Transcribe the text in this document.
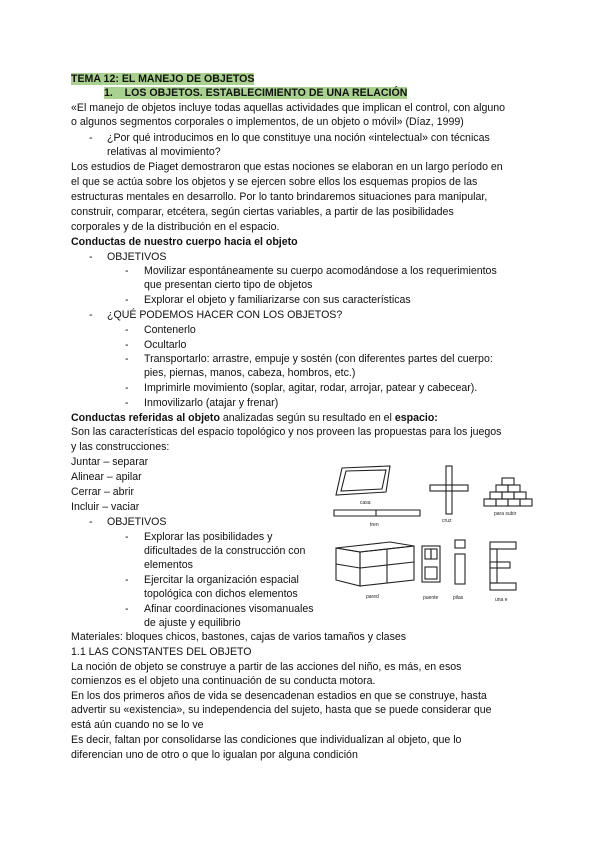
TEMA 12: EL MANEJO DE OBJETOS
1. LOS OBJETOS. ESTABLECIMIENTO DE UNA RELACIÓN
«El manejo de objetos incluye todas aquellas actividades que implican el control, con alguno
o algunos segmentos corporales o implementos, de un objeto o móvil» (Díaz, 1999)
- ¿Por qué introducimos en lo que constituye una noción «intelectual» con técnicas
relativas al movimiento?
Los estudios de Piaget demostraron que estas nociones se elaboran en un largo período en
el que se actúa sobre los objetos y se ejercen sobre ellos los esquemas propios de las
estructuras mentales en desarrollo. Por lo tanto brindaremos situaciones para manipular,
construir, comparar, etcétera, según ciertas variables, a partir de las posibilidades
corporales y de la distribución en el espacio.
Conductas de nuestro cuerpo hacia el objeto
- OBJETIVOS
- Movilizar espontáneamente su cuerpo acomodándose a los requerimientos
que presentan cierto tipo de objetos
- Explorar el objeto y familiarizarse con sus características
- ¿QUÉ PODEMOS HACER CON LOS OBJETOS?
- Contenerlo
- Ocultarlo
- Transportarlo: arrastre, empuje y sostén (con diferentes partes del cuerpo:
pies, piernas, manos, cabeza, hombros, etc.)
- Imprimirle movimiento (soplar, agitar, rodar, arrojar, patear y cabecear).
- Inmovilizarlo (atajar y frenar)
Conductas referidas al objeto analizadas según su resultado en el espacio:
Son las características del espacio topológico y nos proveen las propuestas para los juegos
y las construcciones:
Juntar – separar
Alinear – apilar
Cerrar – abrir
Incluir – vaciar
- OBJETIVOS
- Explorar las posibilidades y
dificultades de la construcción con
elementos
- Ejercitar la organización espacial
topológica con dichos elementos
- Afinar coordinaciones visomanuales
de ajuste y equilibrio
casa
cruz
para subir
tren
pared	puente	pilas	una e
Materiales: bloques chicos, bastones, cajas de varios tamaños y clases
1.1 LAS CONSTANTES DEL OBJETO
La noción de objeto se construye a partir de las acciones del niño, es más, en esos
comienzos es el objeto una continuación de su conducta motora.
En los dos primeros años de vida se desencadenan estadios en que se construye, hasta
advertir su «existencia», su independencia del sujeto, hasta que se puede considerar que
está aún cuando no se lo ve
Es decir, faltan por consolidarse las condiciones que individualizan al objeto, que lo
diferencian uno de otro o que lo igualan por alguna condición
